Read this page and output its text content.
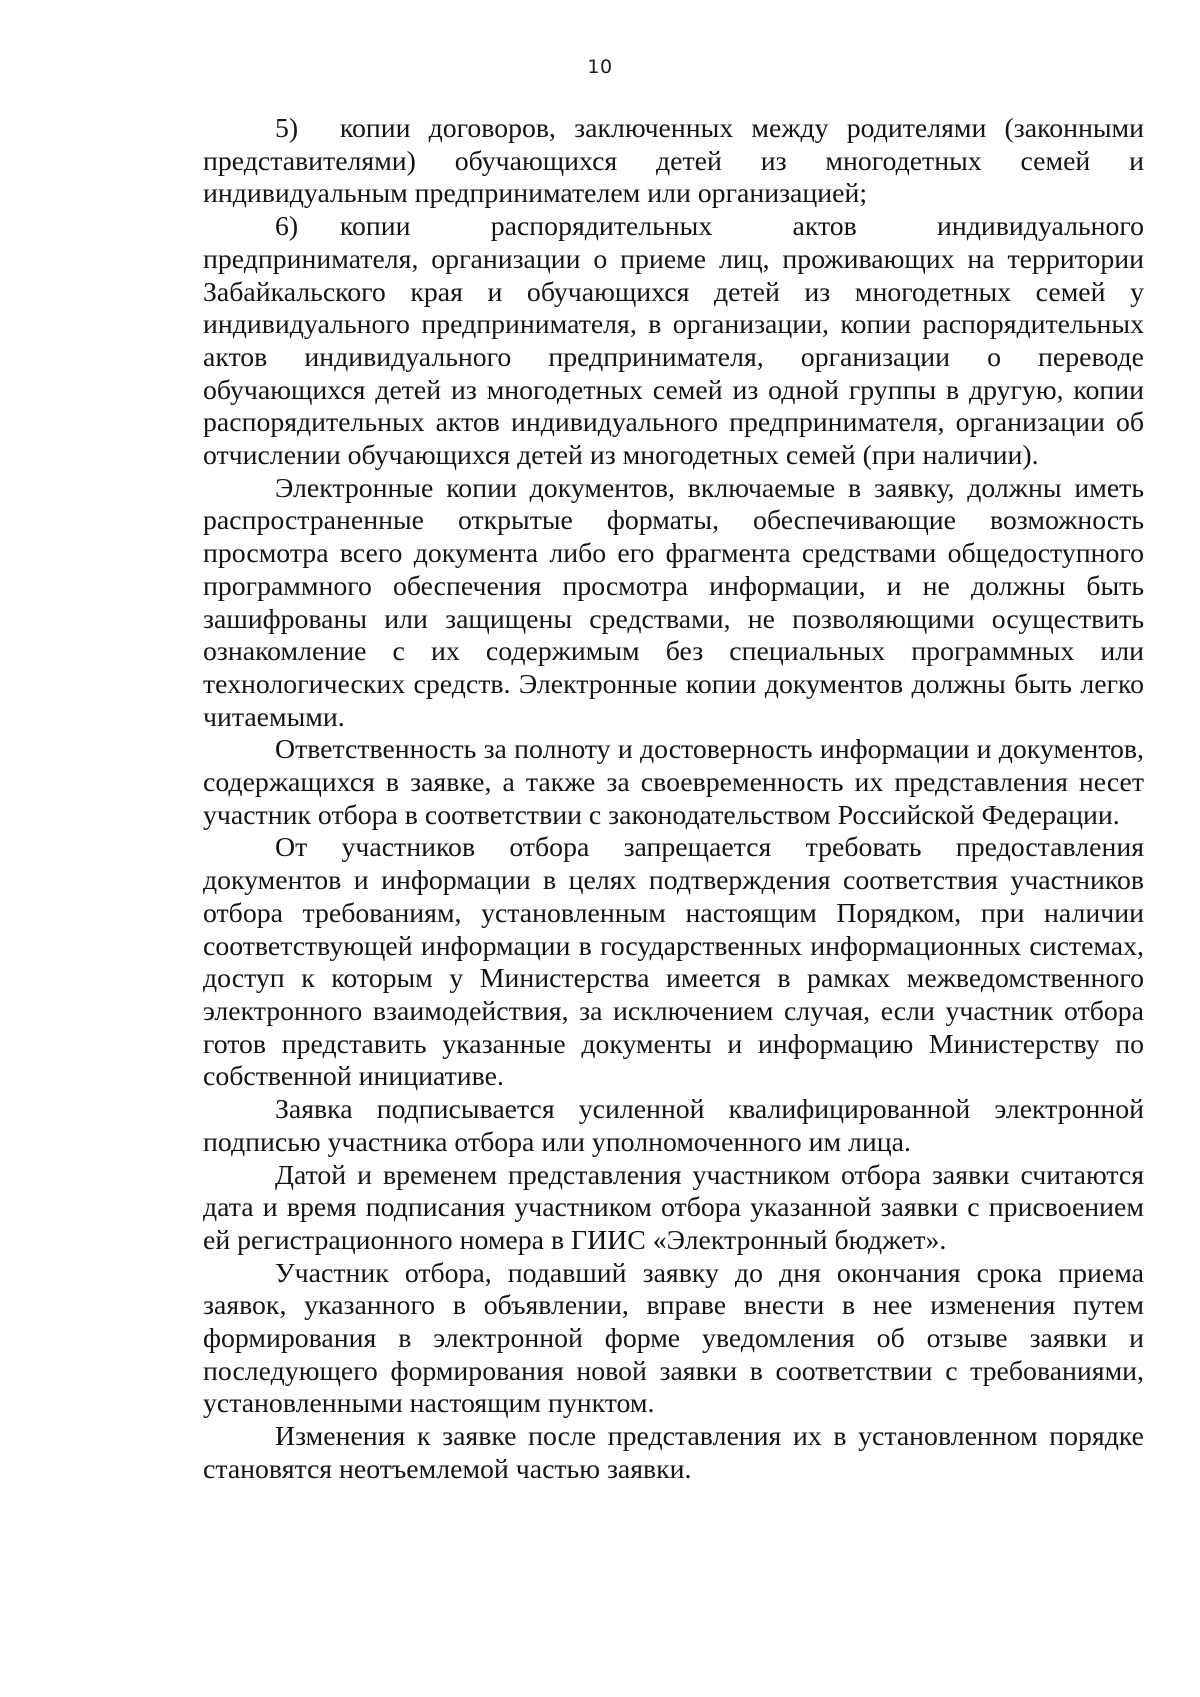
10

5)  копии договоров, заключенных между родителями (законными представителями) обучающихся детей из многодетных семей и индивидуальным предпринимателем или организацией;

6)  копии распорядительных актов индивидуального предпринимателя, организации о приеме лиц, проживающих на территории Забайкальского края и обучающихся детей из многодетных семей у индивидуального предпринимателя, в организации, копии распорядительных актов индивидуального предпринимателя, организации о переводе обучающихся детей из многодетных семей из одной группы в другую, копии распорядительных актов индивидуального предпринимателя, организации об отчислении обучающихся детей из многодетных семей (при наличии).

Электронные копии документов, включаемые в заявку, должны иметь распространенные открытые форматы, обеспечивающие возможность просмотра всего документа либо его фрагмента средствами общедоступного программного обеспечения просмотра информации, и не должны быть зашифрованы или защищены средствами, не позволяющими осуществить ознакомление с их содержимым без специальных программных или технологических средств. Электронные копии документов должны быть легко читаемыми.

Ответственность за полноту и достоверность информации и документов, содержащихся в заявке, а также за своевременность их представления несет участник отбора в соответствии с законодательством Российской Федерации.

От участников отбора запрещается требовать предоставления документов и информации в целях подтверждения соответствия участников отбора требованиям, установленным настоящим Порядком, при наличии соответствующей информации в государственных информационных системах, доступ к которым у Министерства имеется в рамках межведомственного электронного взаимодействия, за исключением случая, если участник отбора готов представить указанные документы и информацию Министерству по собственной инициативе.

Заявка подписывается усиленной квалифицированной электронной подписью участника отбора или уполномоченного им лица.

Датой и временем представления участником отбора заявки считаются дата и время подписания участником отбора указанной заявки с присвоением ей регистрационного номера в ГИИС «Электронный бюджет».

Участник отбора, подавший заявку до дня окончания срока приема заявок, указанного в объявлении, вправе внести в нее изменения путем формирования в электронной форме уведомления об отзыве заявки и последующего формирования новой заявки в соответствии с требованиями, установленными настоящим пунктом.

Изменения к заявке после представления их в установленном порядке становятся неотъемлемой частью заявки.
